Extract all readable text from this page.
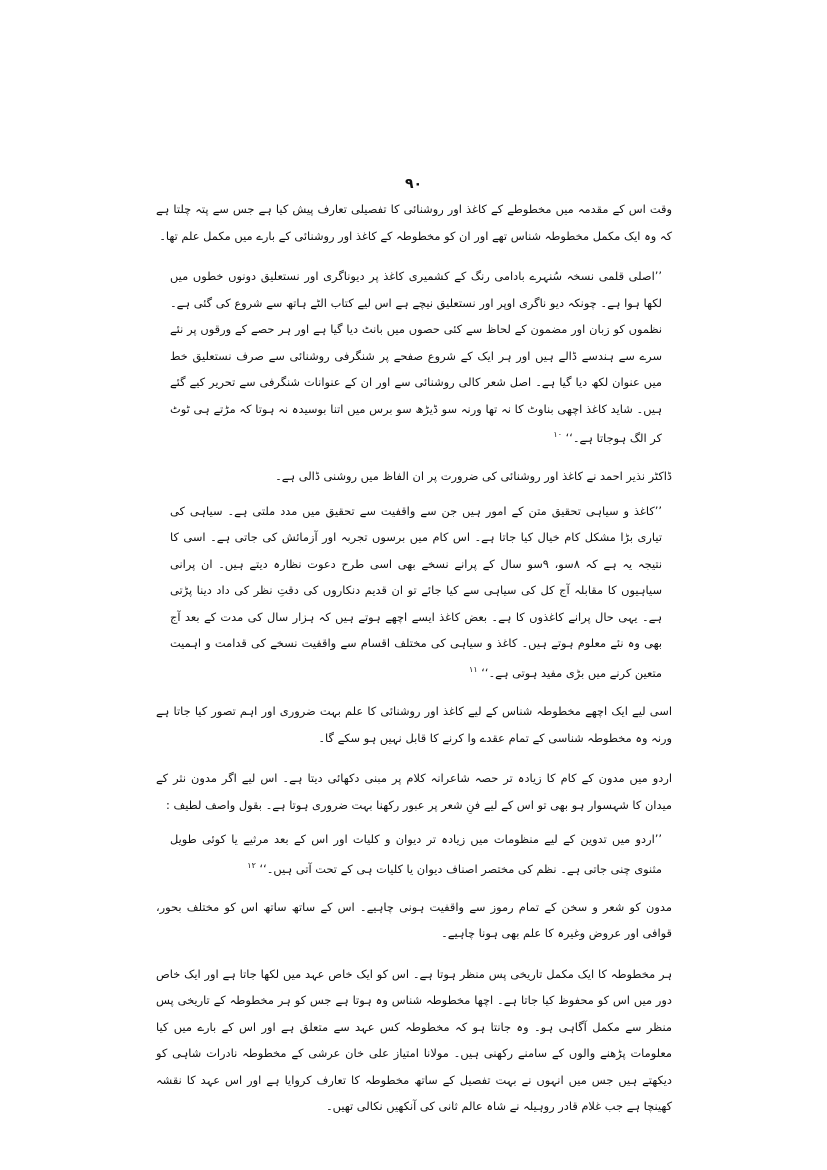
۹۰

وقت اس کے مقدمہ میں مخطوطے کے کاغذ اور روشنائی کا تفصیلی تعارف پیش کیا ہے جس سے پتہ چلتا ہے کہ وہ ایک مکمل مخطوطہ شناس تھے اور ان کو مخطوطہ کے کاغذ اور روشنائی کے بارے میں مکمل علم تھا۔

’’اصلی قلمی نسخہ سُنہرے بادامی رنگ کے کشمیری کاغذ پر دیوناگری اور نستعلیق دونوں خطوں میں لکھا ہوا ہے۔ چونکہ دیو ناگری اوپر اور نستعلیق نیچے ہے اس لیے کتاب الٹے ہاتھ سے شروع کی گئی ہے۔ نظموں کو زبان اور مضمون کے لحاظ سے کئی حصوں میں بانٹ دیا گیا ہے اور ہر حصے کے ورقوں پر نئے سرے سے ہندسے ڈالے ہیں اور ہر ایک کے شروع صفحے پر شنگرفی روشنائی سے صرف نستعلیق خط میں عنوان لکھ دیا گیا ہے۔ اصل شعر کالی روشنائی سے اور ان کے عنوانات شنگرفی سے تحریر کیے گئے ہیں۔ شاید کاغذ اچھی بناوٹ کا نہ تھا ورنہ سو ڈیڑھ سو برس میں اتنا بوسیدہ نہ ہوتا کہ مڑتے ہی ٹوٹ کر الگ ہوجاتا ہے۔‘‘ $^{۱۰}$

ڈاکٹر نذیر احمد نے کاغذ اور روشنائی کی ضرورت پر ان الفاظ میں روشنی ڈالی ہے۔

’’کاغذ و سیاہی تحقیق متن کے امور ہیں جن سے واقفیت سے تحقیق میں مدد ملتی ہے۔ سیاہی کی تیاری بڑا مشکل کام خیال کیا جاتا ہے۔ اس کام میں برسوں تجربہ اور آزمائش کی جاتی ہے۔ اسی کا نتیجہ یہ ہے کہ ۸سو، ۹سو سال کے پرانے نسخے بھی اسی طرح دعوت نظارہ دیتے ہیں۔ ان پرانی سیاہیوں کا مقابلہ آج کل کی سیاہی سے کیا جائے تو ان قدیم دنکاروں کی دقتِ نظر کی داد دینا پڑتی ہے۔ یہی حال پرانے کاغذوں کا ہے۔ بعض کاغذ ایسے اچھے ہوتے ہیں کہ ہزار سال کی مدت کے بعد آج بھی وہ نئے معلوم ہوتے ہیں۔ کاغذ و سیاہی کی مختلف اقسام سے واقفیت نسخے کی قدامت و اہمیت متعین کرنے میں بڑی مفید ہوتی ہے۔‘‘ $^{۱۱}$

اسی لیے ایک اچھے مخطوطہ شناس کے لیے کاغذ اور روشنائی کا علم بہت ضروری اور اہم تصور کیا جاتا ہے ورنہ وہ مخطوطہ شناسی کے تمام عقدے وا کرنے کا قابل نہیں ہو سکے گا۔

اردو میں مدون کے کام کا زیادہ تر حصہ شاعرانہ کلام پر مبنی دکھائی دیتا ہے۔ اس لیے اگر مدون نثر کے میدان کا شہسوار ہو بھی تو اس کے لیے فنِ شعر پر عبور رکھنا بہت ضروری ہوتا ہے۔ بقول واصف لطیف :

’’اردو میں تدوین کے لیے منظومات میں زیادہ تر دیوان و کلیات اور اس کے بعد مرثیے یا کوئی طویل مثنوی چنی جاتی ہے۔ نظم کی مختصر اصناف دیوان یا کلیات ہی کے تحت آتی ہیں۔‘‘ $^{۱۲}$

مدون کو شعر و سخن کے تمام رموز سے واقفیت ہونی چاہیے۔ اس کے ساتھ ساتھ اس کو مختلف بحور، قوافی اور عروض وغیرہ کا علم بھی ہونا چاہیے۔

ہر مخطوطہ کا ایک مکمل تاریخی پس منظر ہوتا ہے۔ اس کو ایک خاص عہد میں لکھا جاتا ہے اور ایک خاص دور میں اس کو محفوظ کیا جاتا ہے۔ اچھا مخطوطہ شناس وہ ہوتا ہے جس کو ہر مخطوطہ کے تاریخی پس منظر سے مکمل آگاہی ہو۔ وہ جانتا ہو کہ مخطوطہ کس عہد سے متعلق ہے اور اس کے بارے میں کیا معلومات پڑھنے والوں کے سامنے رکھنی ہیں۔ مولانا امتیاز علی خان عرشی کے مخطوطہ نادرات شاہی کو دیکھتے ہیں جس میں انہوں نے بہت تفصیل کے ساتھ مخطوطہ کا تعارف کروایا ہے اور اس عہد کا نقشہ کھینچا ہے جب غلام قادر روہیلہ نے شاہ عالم ثانی کی آنکھیں نکالی تھیں۔
